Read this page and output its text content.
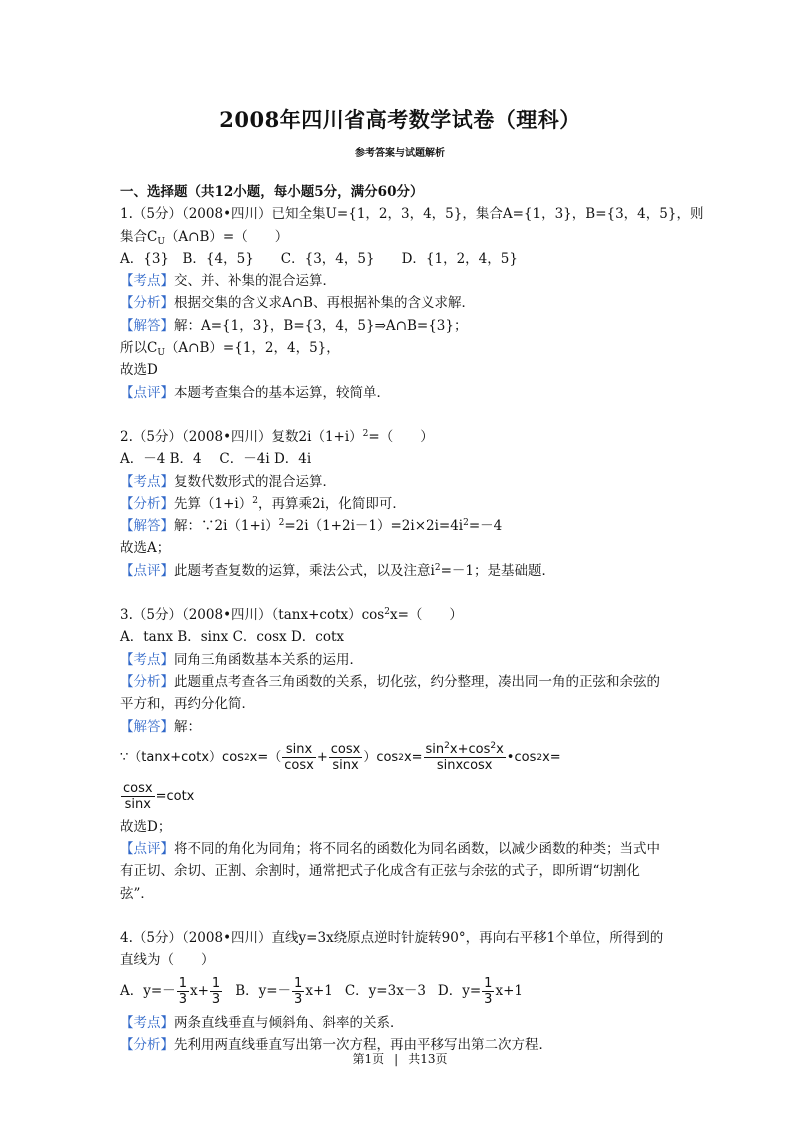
2008年四川省高考数学试卷（理科）
参考答案与试题解析
一、选择题（共12小题，每小题5分，满分60分）
1.（5分）（2008•四川）已知全集U={1，2，3，4，5}，集合A={1，3}，B={3，4，5}，则
集合$C_U(A\cap B)=$（　　）
A．{3}　B．{4，5}　　C．{3，4，5}　　D．{1，2，4，5}
【考点】交、并、补集的混合运算．
【分析】根据交集的含义求A∩B、再根据补集的含义求解．
【解答】解：A={1，3}，B={3，4，5}⇒A∩B={3}；
所以$C_U(A\cap B)=\{1$，2，4，5}，
故选D
【点评】本题考查集合的基本运算，较简单．
2.（5分）（2008•四川）复数$2i(1+i)^2=$（　　）
A．－4 B．4　 C．－4i D．4i
【考点】复数代数形式的混合运算．
【分析】先算$(1+i)^2$，再算乘2i，化简即可．
【解答】解：$\because 2i(1+i)^2=2i(1+2i-1)=2i\times 2i=4i^2=-4$
故选A；
【点评】此题考查复数的运算，乘法公式，以及注意$i^2=-1$；是基础题．
3.（5分）（2008•四川）$(\tan x+\cot x)\cos^2x=$（　　）
A．tanx B．sinx C．cosx D．cotx
【考点】同角三角函数基本关系的运用．
【分析】此题重点考查各三角函数的关系，切化弦，约分整理，凑出同一角的正弦和余弦的
平方和，再约分化简．
【解答】解：
∵（tanx+cotx）cos 2 $x=( \frac{\sin x}{\cos x} + \frac{\cos x}{\sin x} )\cos$ 2 $x= \frac{\sin^2x+\cos^2x}{\text{sinxcosx}}$ •cos 2 x=
$\frac{\cos x}{\sin x} =\cot x$
故选D；
【点评】将不同的角化为同角；将不同名的函数化为同名函数，以减少函数的种类；当式中
有正切、余切、正割、余割时，通常把式子化成含有正弦与余弦的式子，即所谓“切割化
弦”．
4.（5分）（2008•四川）直线y=3x绕原点逆时针旋转90°，再向右平移1个单位，所得到的
直线为（　　）
A．$y=- \frac{1}{3} x+ \frac{1}{3}$ B．$y=- \frac{1}{3} x+1$ C．y=3x－3 D．$y= \frac{1}{3} x+1$
【考点】两条直线垂直与倾斜角、斜率的关系．
【分析】先利用两直线垂直写出第一次方程，再由平移写出第二次方程．
第1页 | 共13页
